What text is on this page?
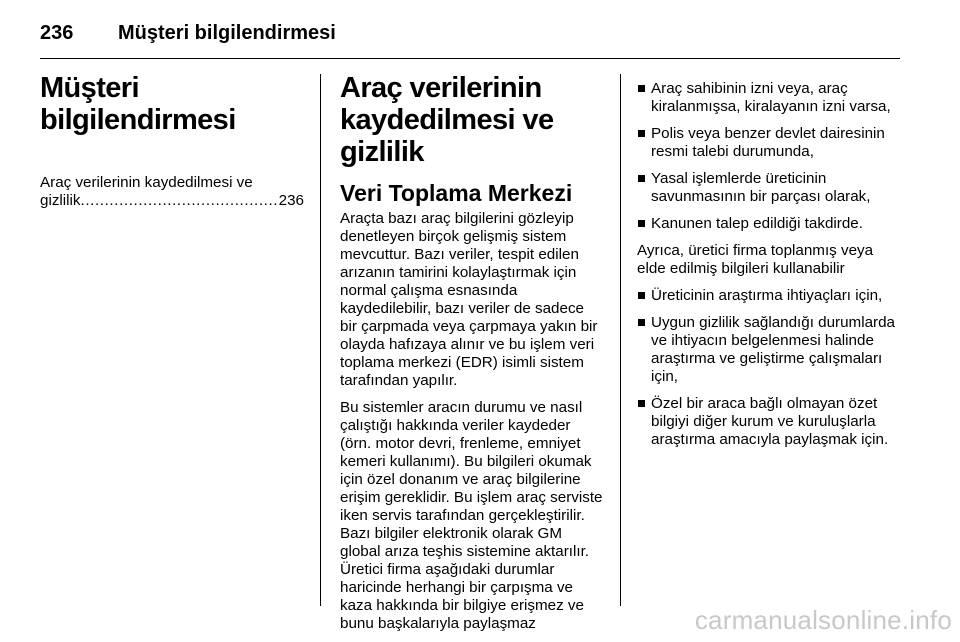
236 Müşteri bilgilendirmesi
Müşteri bilgilendirmesi
Araç verilerinin kaydedilmesi ve
gizlilik
.....	236
Araç verilerinin kaydedilmesi ve gizlilik
Veri Toplama Merkezi

Araçta bazı araç bilgilerini gözleyip denetleyen birçok gelişmiş sistem mevcuttur. Bazı veriler, tespit edilen arızanın tamirini kolaylaştırmak için normal çalışma esnasında kaydedilebilir, bazı veriler de sadece bir çarpmada veya çarpmaya yakın bir olayda hafızaya alınır ve bu işlem veri toplama merkezi (EDR) isimli sistem tarafından yapılır.

Bu sistemler aracın durumu ve nasıl çalıştığı hakkında veriler kaydeder (örn. motor devri, frenleme, emniyet kemeri kullanımı). Bu bilgileri okumak için özel donanım ve araç bilgilerine erişim gereklidir. Bu işlem araç serviste iken servis tarafından gerçekleştirilir. Bazı bilgiler elektronik olarak GM global arıza teşhis sistemine aktarılır. Üretici firma aşağıdaki durumlar haricinde herhangi bir çarpışma ve kaza hakkında bir bilgiye erişmez ve bunu başkalarıyla paylaşmaz

Araç sahibinin izni veya, araç kiralanmışsa, kiralayanın izni varsa,
Polis veya benzer devlet dairesinin resmi talebi durumunda,
Yasal işlemlerde üreticinin savunmasının bir parçası olarak,
Kanunen talep edildiği takdirde.

Ayrıca, üretici firma toplanmış veya elde edilmiş bilgileri kullanabilir

Üreticinin araştırma ihtiyaçları için,
Uygun gizlilik sağlandığı durumlarda ve ihtiyacın belgelenmesi halinde araştırma ve geliştirme çalışmaları için,
Özel bir araca bağlı olmayan özet bilgiyi diğer kurum ve kuruluşlarla araştırma amacıyla paylaşmak için.
carmanualsonline.info
